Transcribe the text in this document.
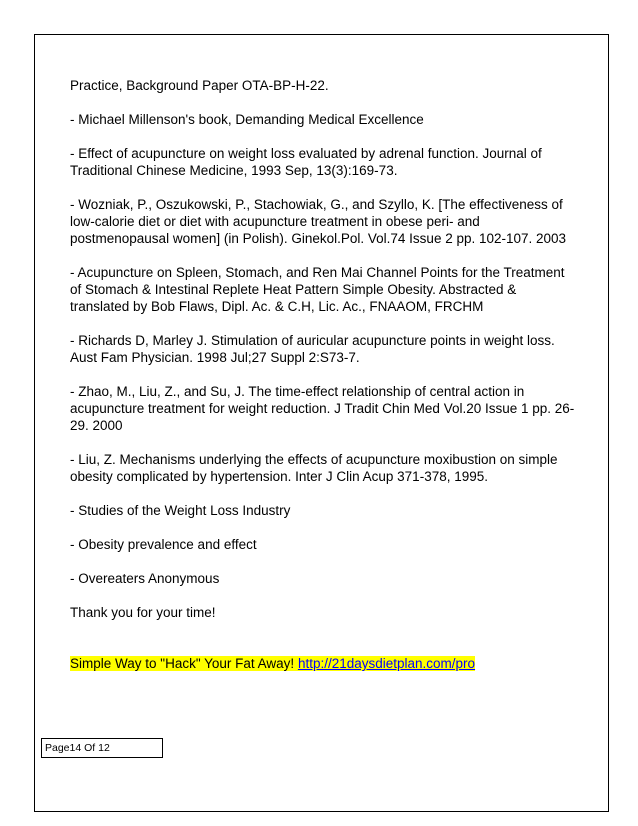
Practice, Background Paper OTA-BP-H-22.

- Michael Millenson's book, Demanding Medical Excellence

- Effect of acupuncture on weight loss evaluated by adrenal function. Journal of Traditional Chinese Medicine, 1993 Sep, 13(3):169-73.

- Wozniak, P., Oszukowski, P., Stachowiak, G., and Szyllo, K. [The effectiveness of low-calorie diet or diet with acupuncture treatment in obese peri- and postmenopausal women] (in Polish). Ginekol.Pol. Vol.74 Issue 2 pp. 102-107. 2003

- Acupuncture on Spleen, Stomach, and Ren Mai Channel Points for the Treatment of Stomach & Intestinal Replete Heat Pattern Simple Obesity. Abstracted & translated by Bob Flaws, Dipl. Ac. & C.H, Lic. Ac., FNAAOM, FRCHM

- Richards D, Marley J. Stimulation of auricular acupuncture points in weight loss. Aust Fam Physician. 1998 Jul;27 Suppl 2:S73-7.

- Zhao, M., Liu, Z., and Su, J. The time-effect relationship of central action in acupuncture treatment for weight reduction. J Tradit Chin Med Vol.20 Issue 1 pp. 26-29. 2000

- Liu, Z. Mechanisms underlying the effects of acupuncture moxibustion on simple obesity complicated by hypertension. Inter J Clin Acup 371-378, 1995.

- Studies of the Weight Loss Industry

- Obesity prevalence and effect

- Overeaters Anonymous

Thank you for your time!

Simple Way to "Hack" Your Fat Away! http://21daysdietplan.com/pro
Page14 Of 12
